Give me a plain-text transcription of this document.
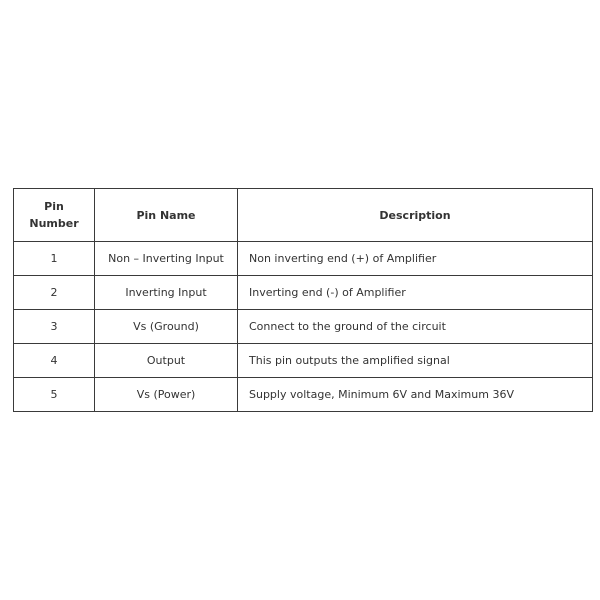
Pin
Number	Pin Name	Description
1	Non – Inverting Input	Non inverting end (+) of Amplifier
2	Inverting Input	Inverting end (-) of Amplifier
3	Vs (Ground)	Connect to the ground of the circuit
4	Output	This pin outputs the amplified signal
5	Vs (Power)	Supply voltage, Minimum 6V and Maximum 36V
